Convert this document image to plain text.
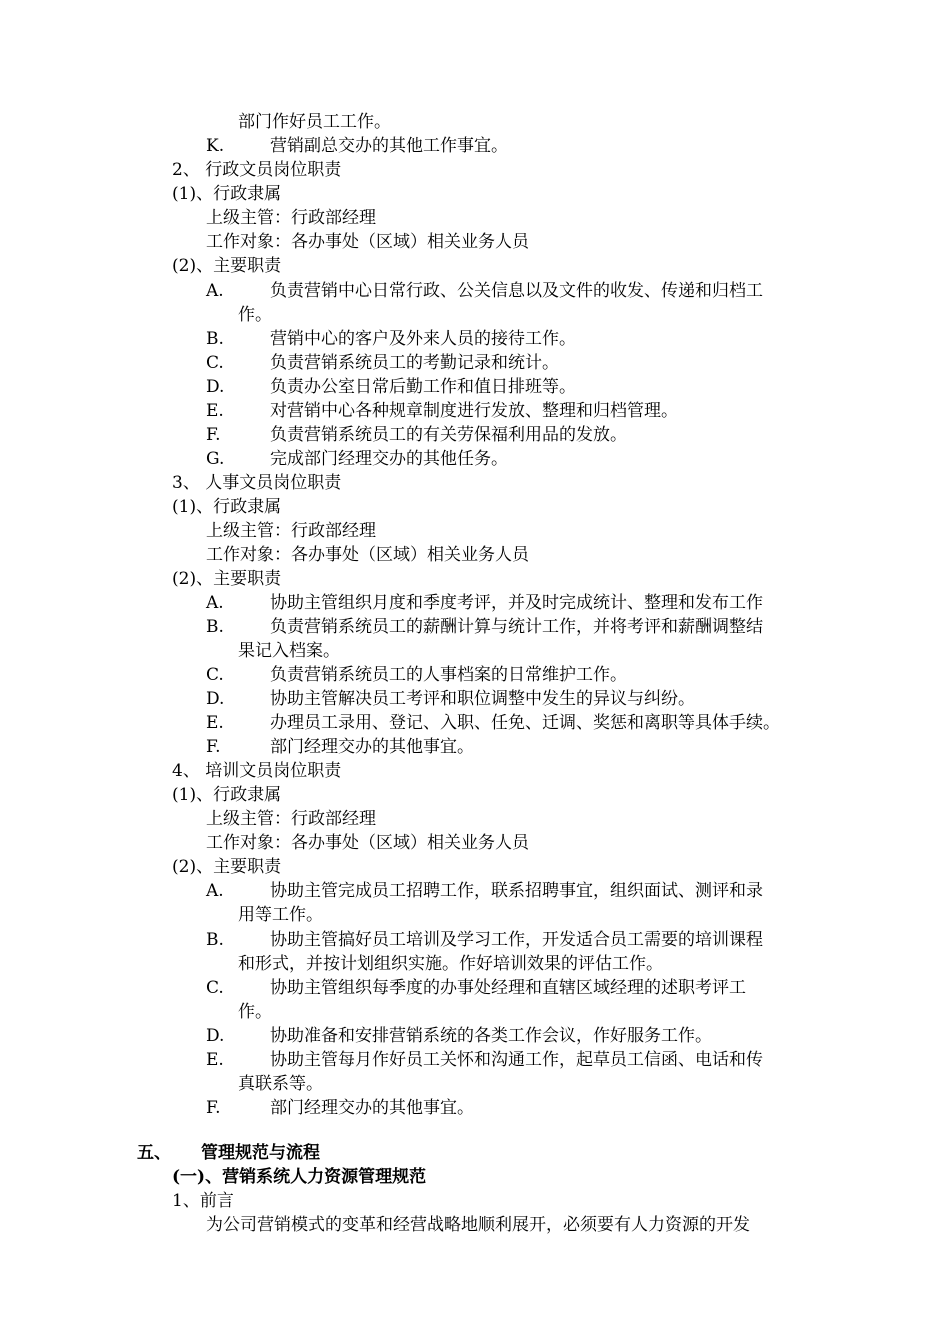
部门作好员工工作。
K.	营销副总交办的其他工作事宜。
2、 行政文员岗位职责
(1)、行政隶属
上级主管：行政部经理
工作对象：各办事处（区域）相关业务人员
(2)、主要职责
A.	负责营销中心日常行政、公关信息以及文件的收发、传递和归档工
作。
B.	营销中心的客户及外来人员的接待工作。
C.	负责营销系统员工的考勤记录和统计。
D.	负责办公室日常后勤工作和值日排班等。
E.	对营销中心各种规章制度进行发放、整理和归档管理。
F.	负责营销系统员工的有关劳保福利用品的发放。
G.	完成部门经理交办的其他任务。
3、 人事文员岗位职责
(1)、行政隶属
上级主管：行政部经理
工作对象：各办事处（区域）相关业务人员
(2)、主要职责
A.	协助主管组织月度和季度考评，并及时完成统计、整理和发布工作
B.	负责营销系统员工的薪酬计算与统计工作，并将考评和薪酬调整结
果记入档案。
C.	负责营销系统员工的人事档案的日常维护工作。
D.	协助主管解决员工考评和职位调整中发生的异议与纠纷。
E.	办理员工录用、登记、入职、任免、迁调、奖惩和离职等具体手续。
F.	部门经理交办的其他事宜。
4、 培训文员岗位职责
(1)、行政隶属
上级主管：行政部经理
工作对象：各办事处（区域）相关业务人员
(2)、主要职责
A.	协助主管完成员工招聘工作，联系招聘事宜，组织面试、测评和录
用等工作。
B.	协助主管搞好员工培训及学习工作，开发适合员工需要的培训课程
和形式，并按计划组织实施。作好培训效果的评估工作。
C.	协助主管组织每季度的办事处经理和直辖区域经理的述职考评工
作。
D.	协助准备和安排营销系统的各类工作会议，作好服务工作。
E.	协助主管每月作好员工关怀和沟通工作，起草员工信函、电话和传
真联系等。
F.	部门经理交办的其他事宜。
五、 管理规范与流程
(一)、营销系统人力资源管理规范
1、前言
为公司营销模式的变革和经营战略地顺利展开，必须要有人力资源的开发
